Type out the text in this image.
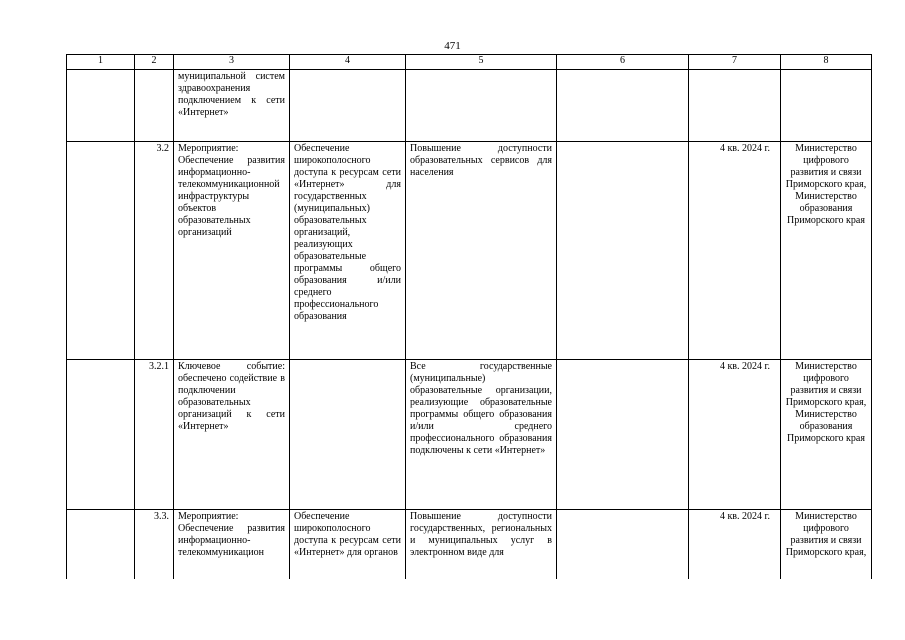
471
1	2	3	4	5	6	7	8
		муниципальной систем здравоохранения подключением к сети «Интернет»					
	3.2	Мероприятие: Обеспечение развития информационно-телекоммуникационной инфраструктуры объектов образовательных организаций	Обеспечение широкополосного доступа к ресурсам сети «Интернет» для государственных (муниципальных) образовательных организаций, реализующих образовательные программы общего образования и/или среднего профессионального образования	Повышение доступности образовательных сервисов для населения		4 кв. 2024 г.	Министерство цифрового развития и связи Приморского края, Министерство образования Приморского края
	3.2.1	Ключевое событие: обеспечено содействие в подключении образовательных организаций к сети «Интернет»		Все государственные (муниципальные) образовательные организации, реализующие образовательные программы общего образования и/или среднего профессионального образования подключены к сети «Интернет»		4 кв. 2024 г.	Министерство цифрового развития и связи Приморского края, Министерство образования Приморского края
	3.3.	Мероприятие: Обеспечение развития информационно-телекоммуникацион	Обеспечение широкополосного доступа к ресурсам сети «Интернет» для органов	Повышение доступности государственных, региональных и муниципальных услуг в электронном виде для		4 кв. 2024 г.	Министерство цифрового развития и связи Приморского края,
